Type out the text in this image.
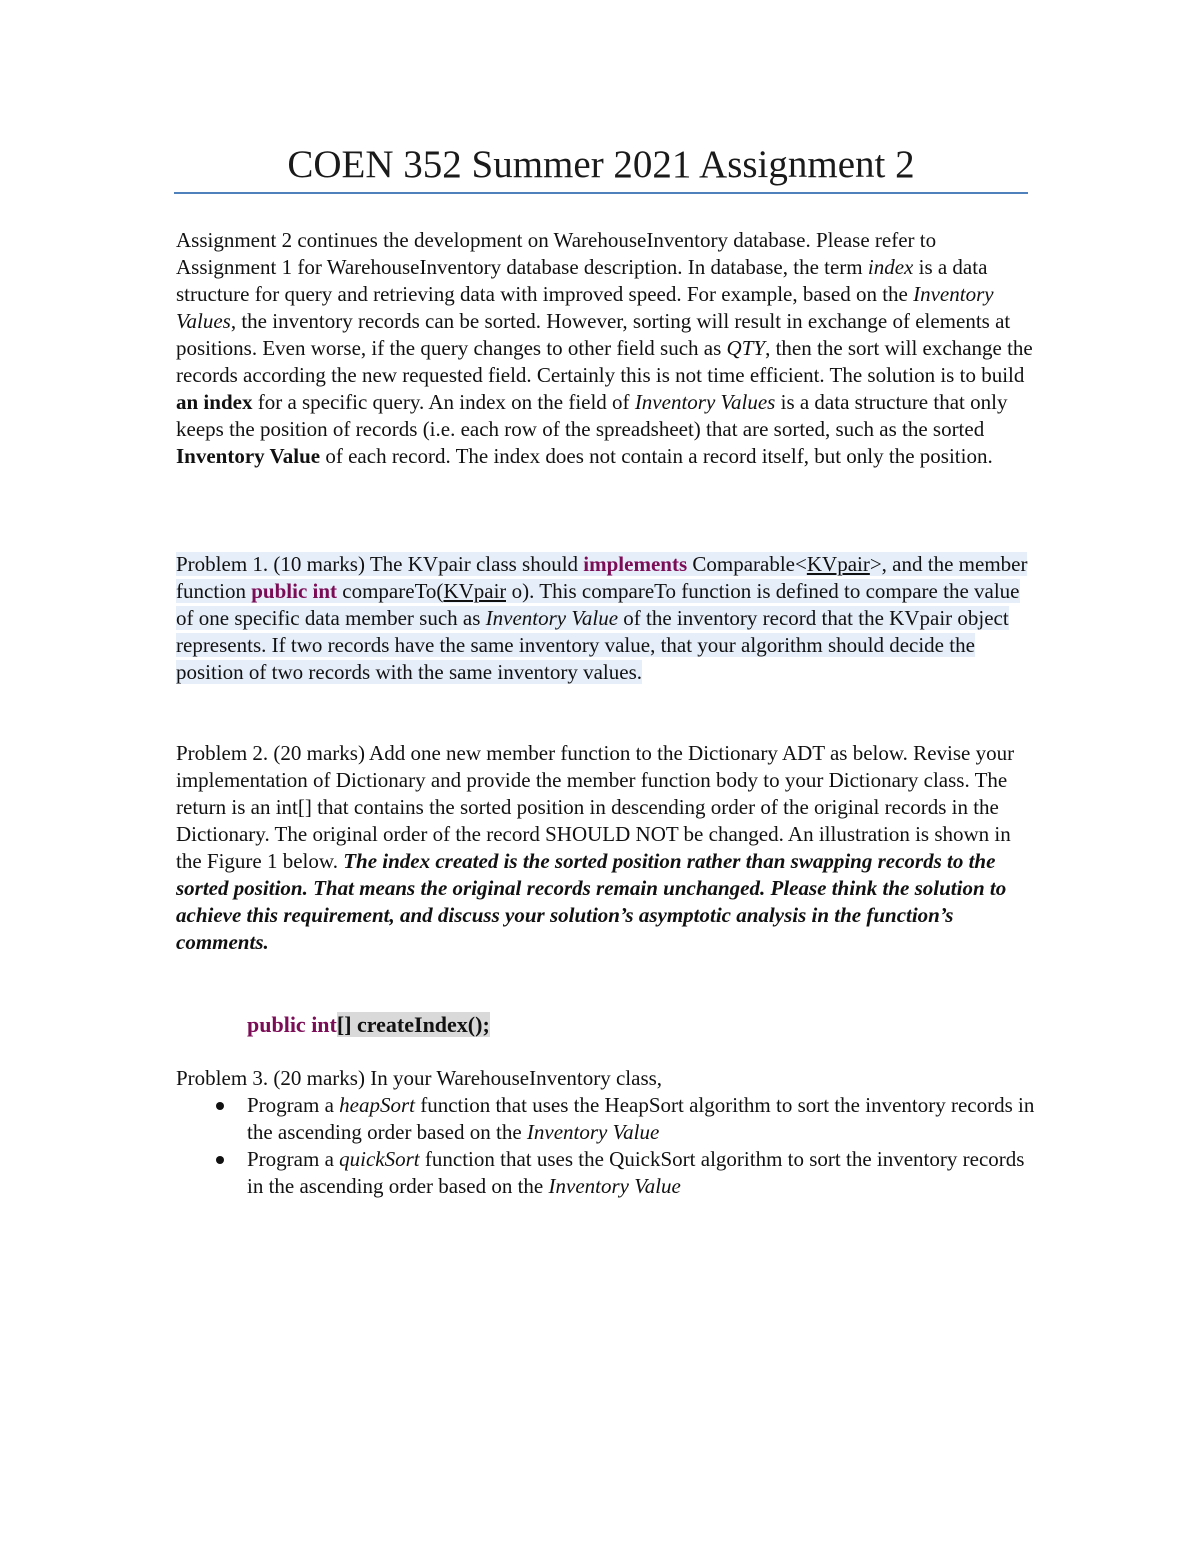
COEN 352 Summer 2021 Assignment 2

Assignment 2 continues the development on WarehouseInventory database. Please refer to Assignment 1 for WarehouseInventory database description. In database, the term index is a data structure for query and retrieving data with improved speed. For example, based on the Inventory Values, the inventory records can be sorted. However, sorting will result in exchange of elements at positions. Even worse, if the query changes to other field such as QTY, then the sort will exchange the records according the new requested field. Certainly this is not time efficient. The solution is to build an index for a specific query. An index on the field of Inventory Values is a data structure that only keeps the position of records (i.e. each row of the spreadsheet) that are sorted, such as the sorted Inventory Value of each record. The index does not contain a record itself, but only the position.

Problem 1. (10 marks) The KVpair class should implements Comparable<KVpair>, and the member function public int compareTo(KVpair o). This compareTo function is defined to compare the value of one specific data member such as Inventory Value of the inventory record that the KVpair object represents. If two records have the same inventory value, that your algorithm should decide the position of two records with the same inventory values.

Problem 2. (20 marks) Add one new member function to the Dictionary ADT as below. Revise your implementation of Dictionary and provide the member function body to your Dictionary class. The return is an int[] that contains the sorted position in descending order of the original records in the Dictionary. The original order of the record SHOULD NOT be changed. An illustration is shown in the Figure 1 below. The index created is the sorted position rather than swapping records to the sorted position. That means the original records remain unchanged. Please think the solution to achieve this requirement, and discuss your solution’s asymptotic analysis in the function’s comments.

public int[] createIndex();
Problem 3. (20 marks) In your WarehouseInventory class,
Program a heapSort function that uses the HeapSort algorithm to sort the inventory records in the ascending order based on the Inventory Value
Program a quickSort function that uses the QuickSort algorithm to sort the inventory records in the ascending order based on the Inventory Value
